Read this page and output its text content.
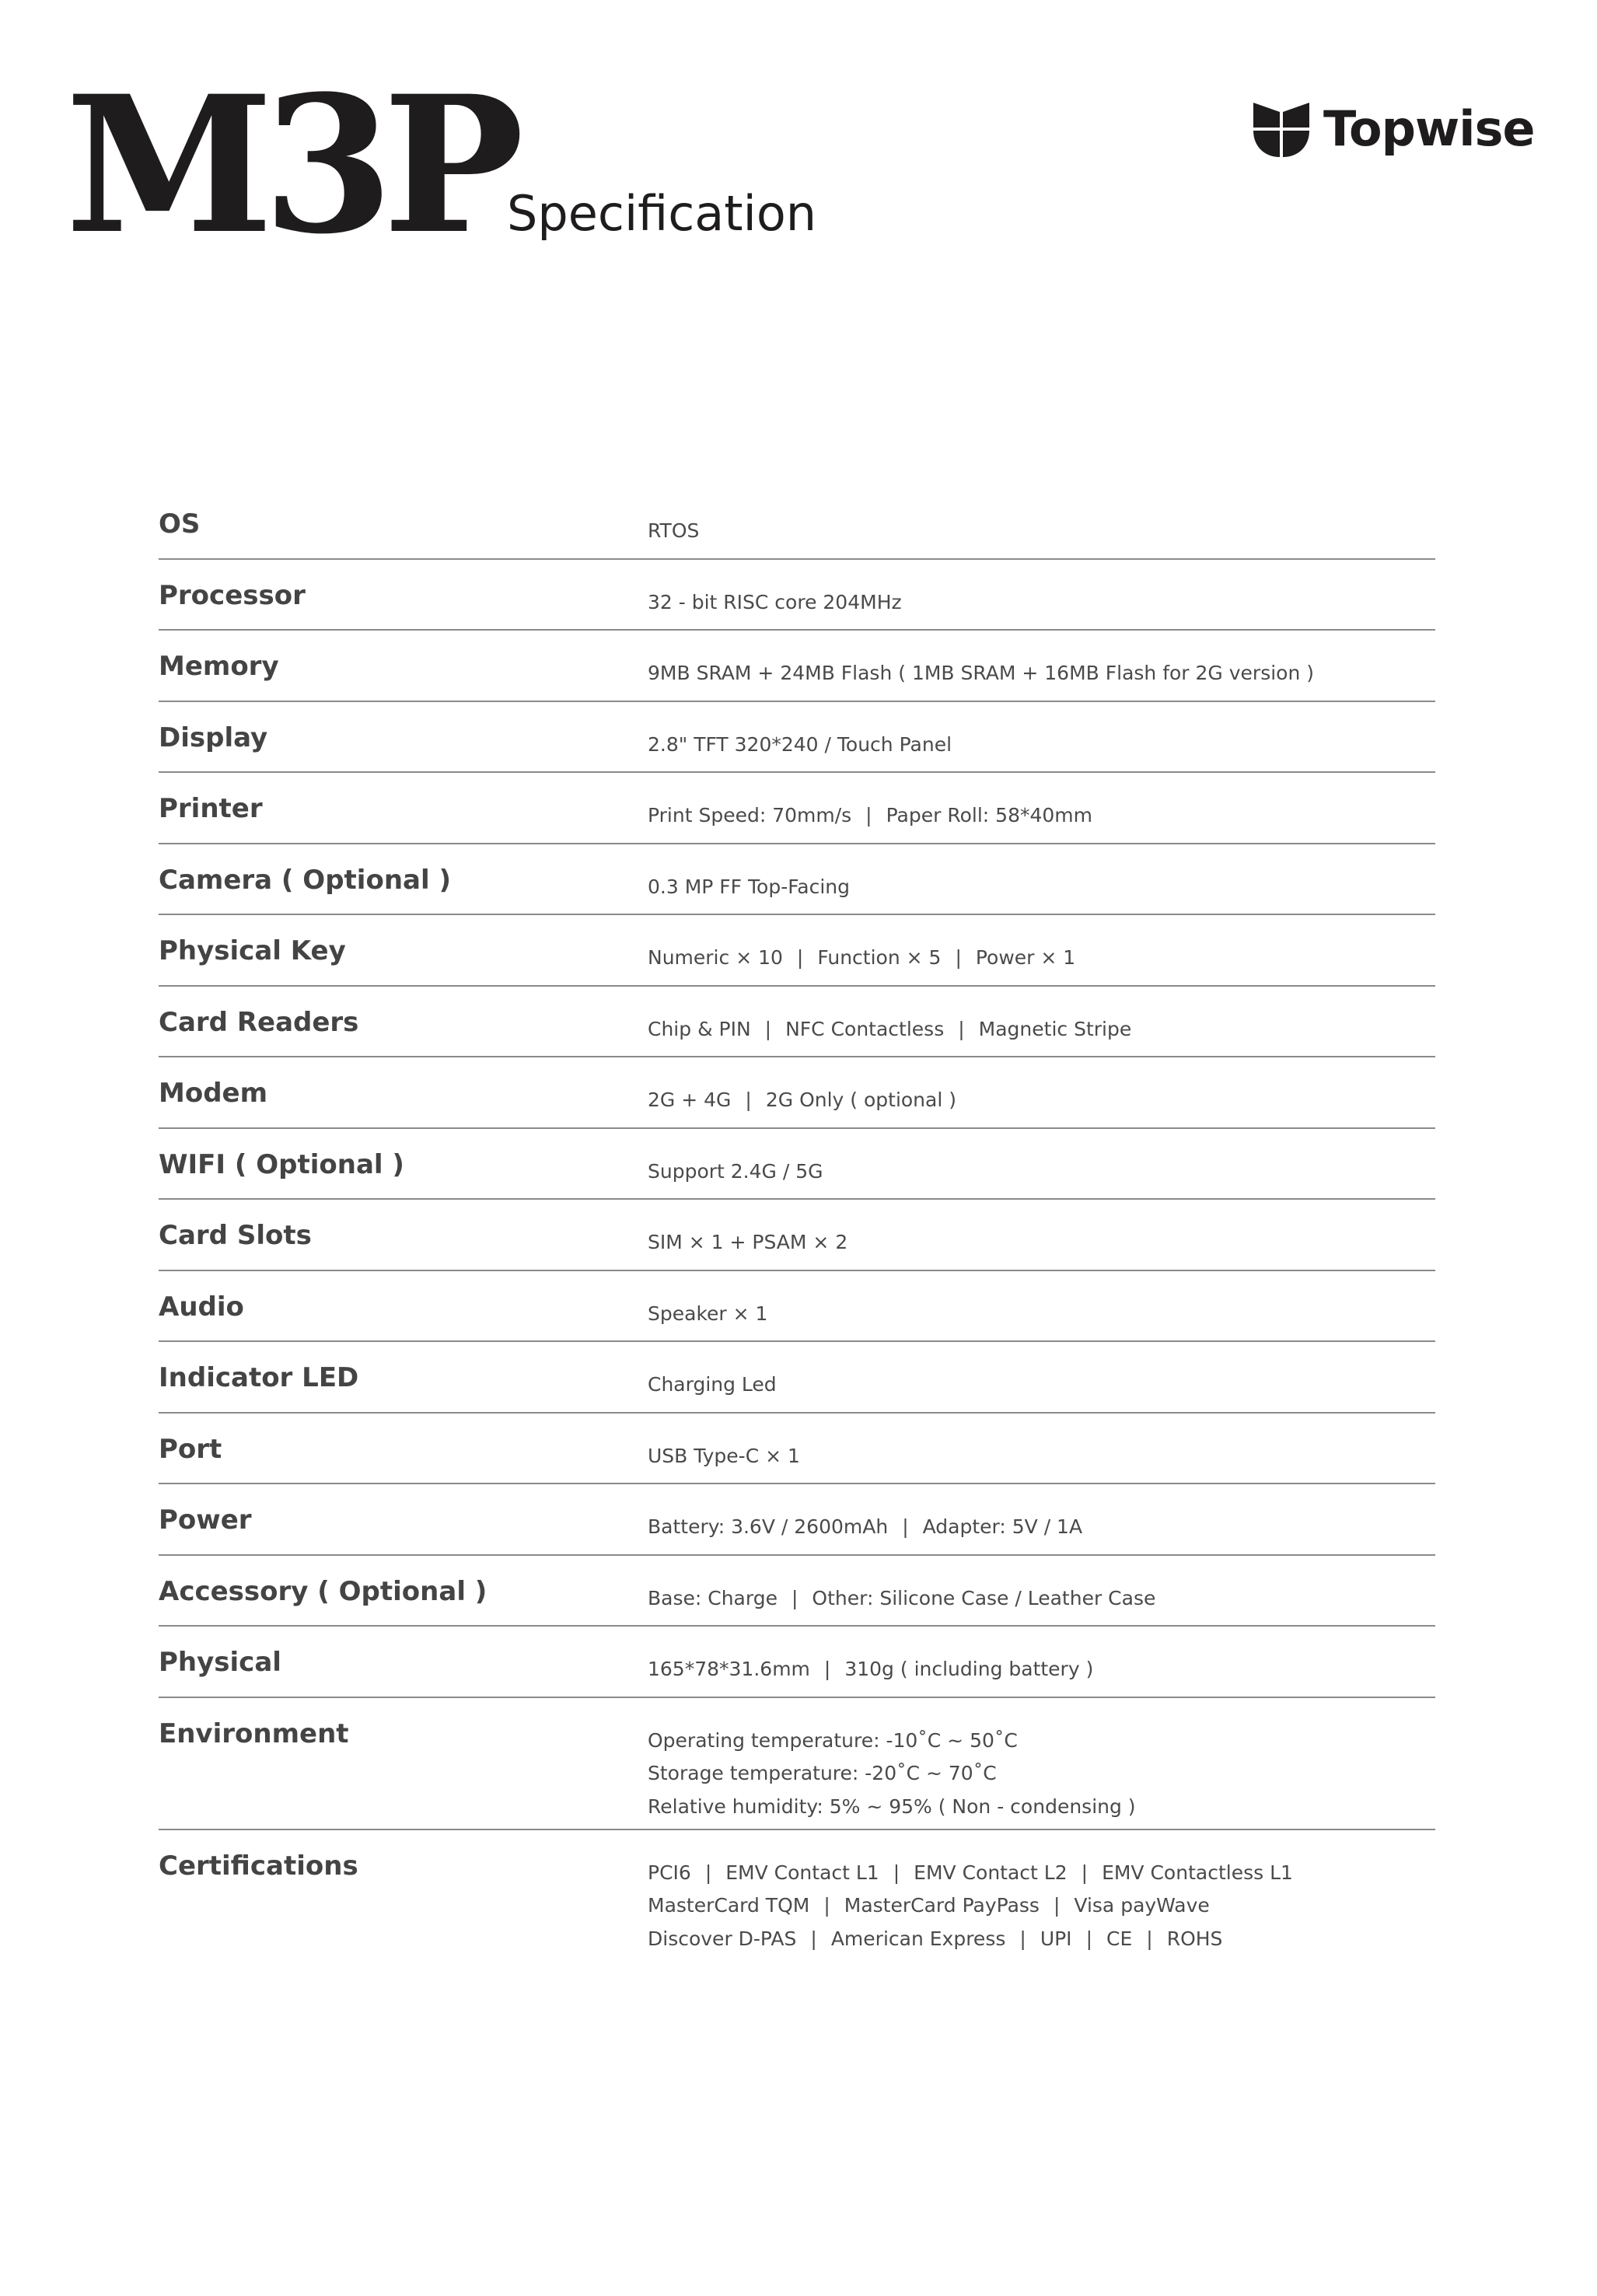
M3P
Specification
Topwise
OS	RTOS
Processor	32 - bit RISC core 204MHz
Memory	9MB SRAM + 24MB Flash ( 1MB SRAM + 16MB Flash for 2G version )
Display	2.8" TFT 320*240 / Touch Panel
Printer	Print Speed: 70mm/s | Paper Roll: 58*40mm
Camera ( Optional )	0.3 MP FF Top-Facing
Physical Key	Numeric × 10 | Function × 5 | Power × 1
Card Readers	Chip & PIN | NFC Contactless | Magnetic Stripe
Modem	2G + 4G | 2G Only ( optional )
WIFI ( Optional )	Support 2.4G / 5G
Card Slots	SIM × 1 + PSAM × 2
Audio	Speaker × 1
Indicator LED	Charging Led
Port	USB Type-C × 1
Power	Battery: 3.6V / 2600mAh | Adapter: 5V / 1A
Accessory ( Optional )	Base: Charge | Other: Silicone Case / Leather Case
Physical	165*78*31.6mm | 310g ( including battery )
Environment	Operating temperature: -10˚C ~ 50˚C
Storage temperature: -20˚C ~ 70˚C
Relative humidity: 5% ~ 95% ( Non - condensing )
Certifications	PCI6 | EMV Contact L1 | EMV Contact L2 | EMV Contactless L1
MasterCard TQM | MasterCard PayPass | Visa payWave
Discover D-PAS | American Express | UPI | CE | ROHS
